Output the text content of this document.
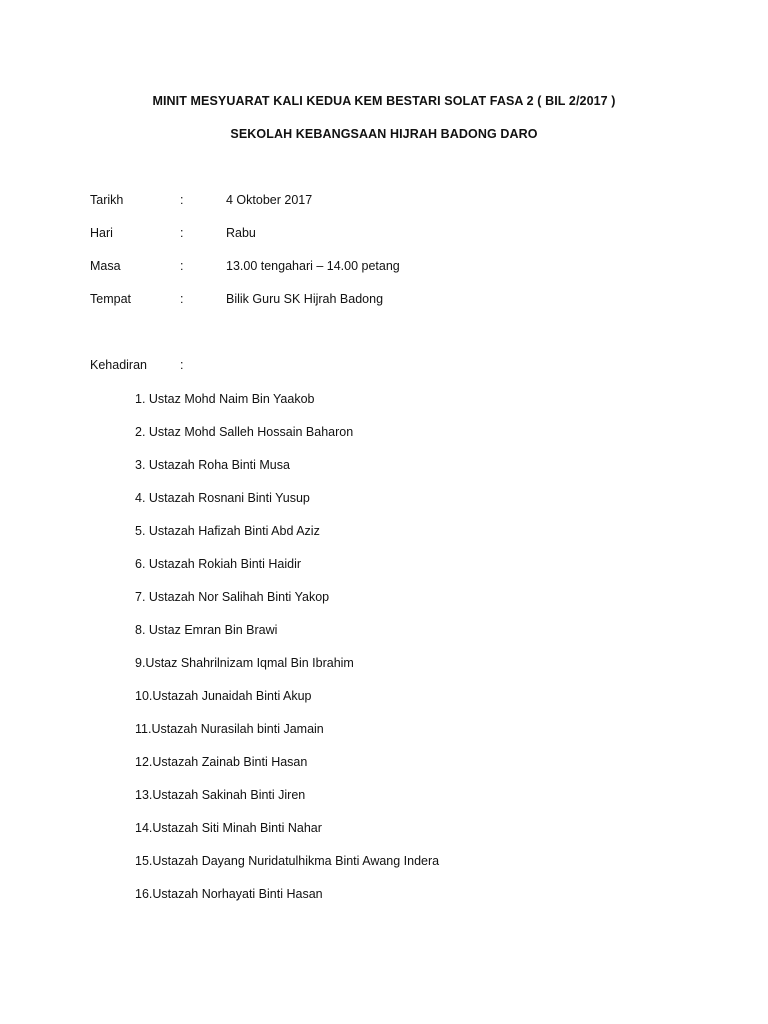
MINIT MESYUARAT KALI KEDUA KEM BESTARI SOLAT FASA 2 ( BIL 2/2017 )
SEKOLAH KEBANGSAAN HIJRAH BADONG DARO
Tarikh	:	4 Oktober 2017
Hari	:	Rabu
Masa	:	13.00 tengahari – 14.00 petang
Tempat	:	Bilik Guru SK Hijrah Badong
Kehadiran	:
1. Ustaz Mohd Naim Bin Yaakob
2. Ustaz Mohd Salleh Hossain Baharon
3. Ustazah Roha Binti Musa
4. Ustazah Rosnani Binti Yusup
5. Ustazah Hafizah Binti Abd Aziz
6. Ustazah Rokiah Binti Haidir
7. Ustazah Nor Salihah Binti Yakop
8. Ustaz Emran Bin Brawi
9.Ustaz Shahrilnizam Iqmal Bin Ibrahim
10.Ustazah Junaidah Binti Akup
11.Ustazah Nurasilah binti Jamain
12.Ustazah Zainab Binti Hasan
13.Ustazah Sakinah Binti Jiren
14.Ustazah Siti Minah Binti Nahar
15.Ustazah Dayang Nuridatulhikma Binti Awang Indera
16.Ustazah Norhayati Binti Hasan
